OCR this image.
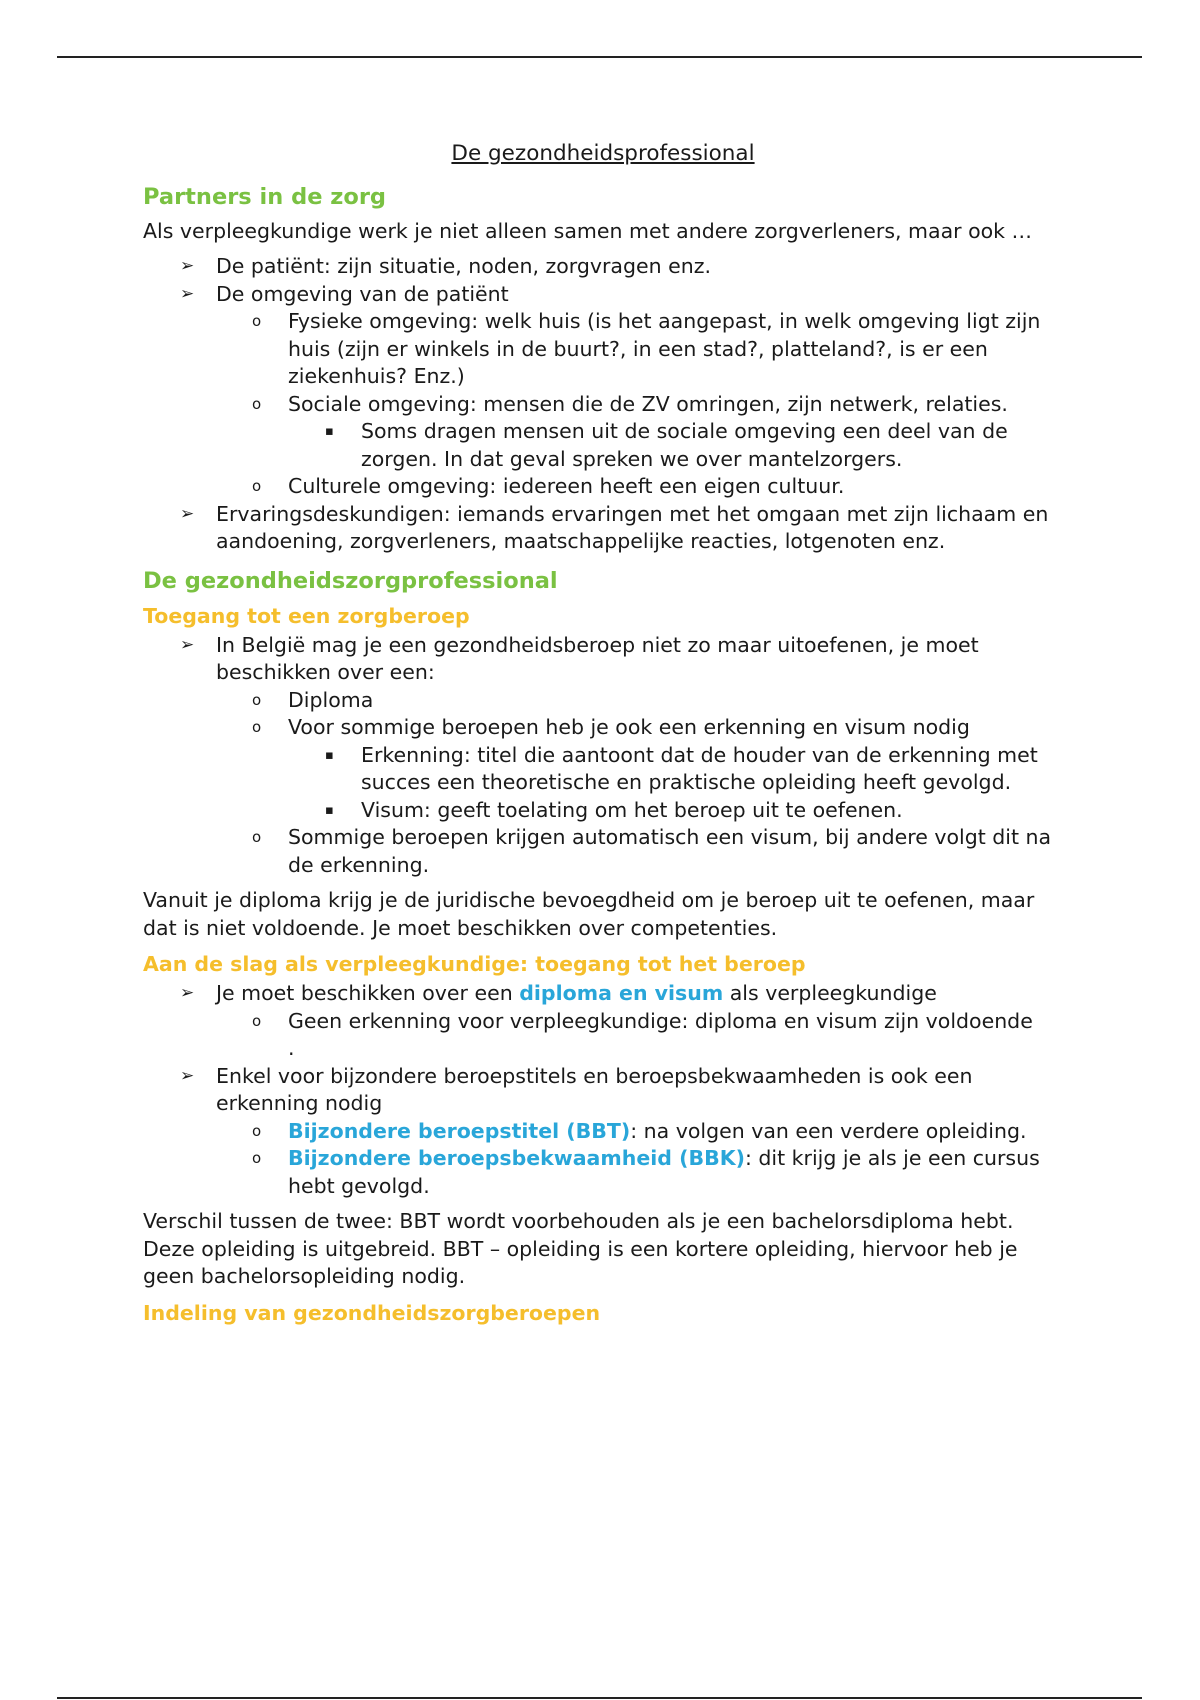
De gezondheidsprofessional
Partners in de zorg

Als verpleegkundige werk je niet alleen samen met andere zorgverleners, maar ook …

➢ De patiënt: zijn situatie, noden, zorgvragen enz.
➢ De omgeving van de patiënt
o Fysieke omgeving: welk huis (is het aangepast, in welk omgeving ligt zijn huis (zijn er winkels in de buurt?, in een stad?, platteland?, is er een ziekenhuis? Enz.)
o Sociale omgeving: mensen die de ZV omringen, zijn netwerk, relaties.
▪ Soms dragen mensen uit de sociale omgeving een deel van de zorgen. In dat geval spreken we over mantelzorgers.
o Culturele omgeving: iedereen heeft een eigen cultuur.
➢ Ervaringsdeskundigen: iemands ervaringen met het omgaan met zijn lichaam en aandoening, zorgverleners, maatschappelijke reacties, lotgenoten enz.
De gezondheidszorgprofessional
Toegang tot een zorgberoep
➢ In België mag je een gezondheidsberoep niet zo maar uitoefenen, je moet beschikken over een:
o Diploma
o Voor sommige beroepen heb je ook een erkenning en visum nodig
▪ Erkenning: titel die aantoont dat de houder van de erkenning met succes een theoretische en praktische opleiding heeft gevolgd.
▪ Visum: geeft toelating om het beroep uit te oefenen.
o Sommige beroepen krijgen automatisch een visum, bij andere volgt dit na de erkenning.

Vanuit je diploma krijg je de juridische bevoegdheid om je beroep uit te oefenen, maar dat is niet voldoende. Je moet beschikken over competenties.

Aan de slag als verpleegkundige: toegang tot het beroep
➢ Je moet beschikken over een diploma en visum als verpleegkundige
o Geen erkenning voor verpleegkundige: diploma en visum zijn voldoende
.
➢ Enkel voor bijzondere beroepstitels en beroepsbekwaamheden is ook een erkenning nodig
o Bijzondere beroepstitel (BBT): na volgen van een verdere opleiding.
o Bijzondere beroepsbekwaamheid (BBK): dit krijg je als je een cursus hebt gevolgd.

Verschil tussen de twee: BBT wordt voorbehouden als je een bachelorsdiploma hebt. Deze opleiding is uitgebreid. BBT – opleiding is een kortere opleiding, hiervoor heb je geen bachelorsopleiding nodig.

Indeling van gezondheidszorgberoepen
